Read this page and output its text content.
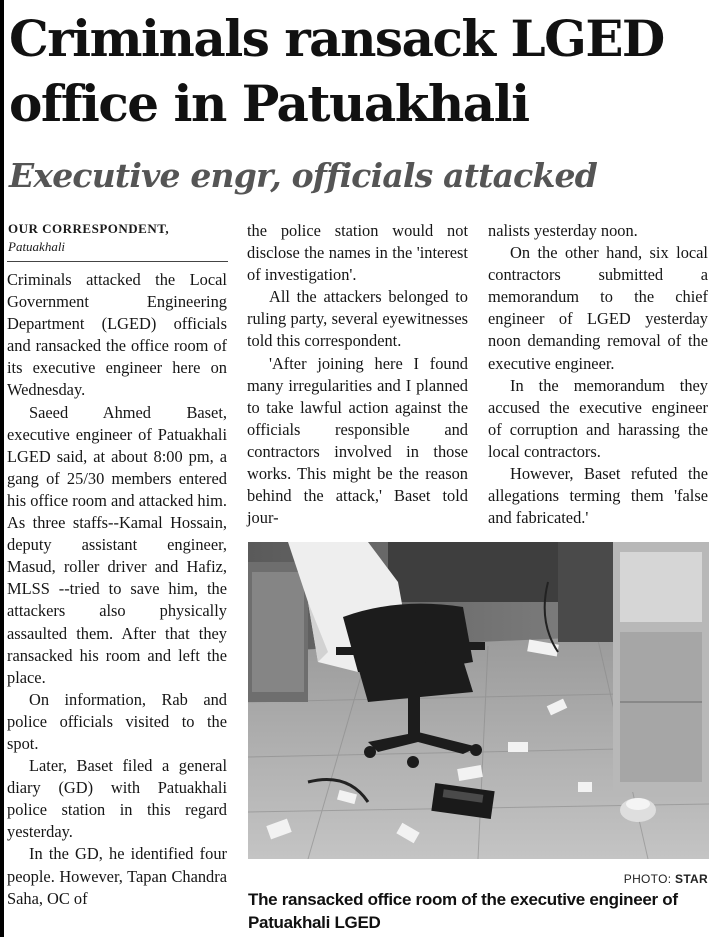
Criminals ransack LGED office in Patuakhali
Executive engr, officials attacked
OUR CORRESPONDENT,
Patuakhali

Criminals attacked the Local Government Engineering Department (LGED) officials and ransacked the office room of its executive engineer here on Wednesday.

Saeed Ahmed Baset, executive engineer of Patuakhali LGED said, at about 8:00 pm, a gang of 25/30 members entered his office room and attacked him. As three staffs--Kamal Hossain, deputy assistant engineer, Masud, roller driver and Hafiz, MLSS --tried to save him, the attackers also physically assaulted them. After that they ransacked his room and left the place.

On information, Rab and police officials visited to the spot.

Later, Baset filed a general diary (GD) with Patuakhali police station in this regard yesterday.

In the GD, he identified four people. However, Tapan Chandra Saha, OC of

the police station would not disclose the names in the 'interest of investigation'.

All the attackers belonged to ruling party, several eyewitnesses told this correspondent.

'After joining here I found many irregularities and I planned to take lawful action against the officials responsible and contractors involved in those works. This might be the reason behind the attack,' Baset told jour-

nalists yesterday noon.

On the other hand, six local contractors submitted a memorandum to the chief engineer of LGED yesterday noon demanding removal of the executive engineer.

In the memorandum they accused the executive engineer of corruption and harassing the local contractors.

However, Baset refuted the allegations terming them 'false and fabricated.'

PHOTO: STAR
The ransacked office room of the executive engineer of Patuakhali LGED
